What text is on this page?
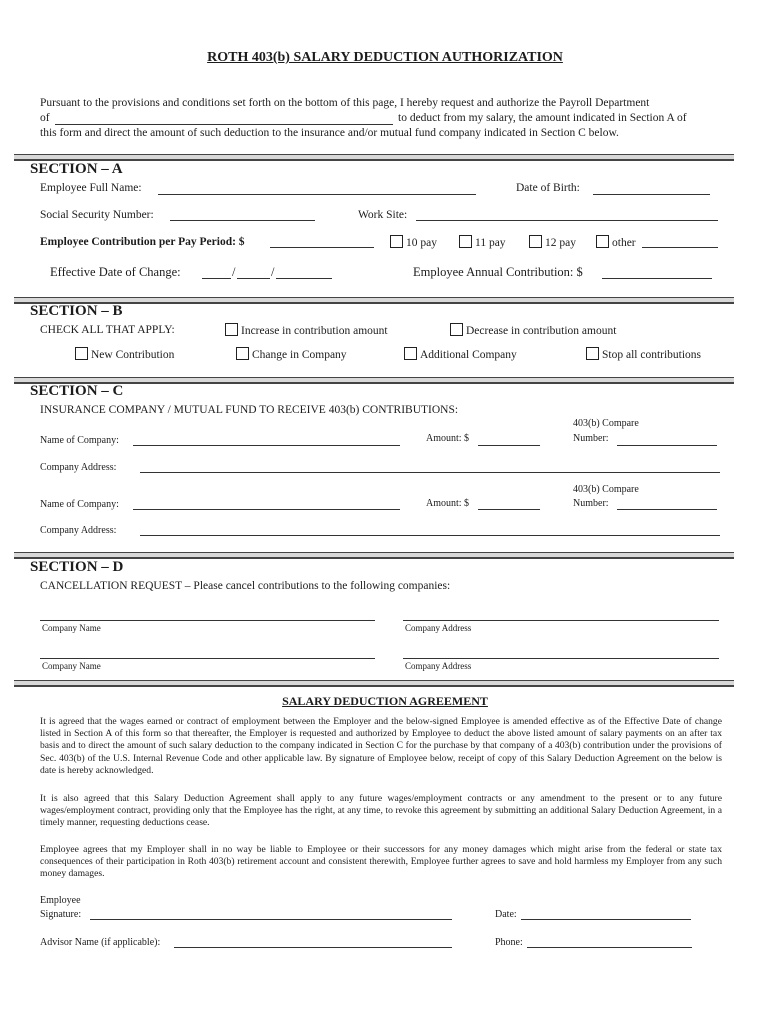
ROTH 403(b) SALARY DEDUCTION AUTHORIZATION
Pursuant to the provisions and conditions set forth on the bottom of this page, I hereby request and authorize the Payroll Department
of	to deduct from my salary, the amount indicated in Section A of
this form and direct the amount of such deduction to the insurance and/or mutual fund company indicated in Section C below.
SECTION – A
Employee Full Name:	Date of Birth:
Social Security Number:	Work Site:
Employee Contribution per Pay Period: $	10 pay	11 pay	12 pay	other
Effective Date of Change:	/	/	Employee Annual Contribution: $
SECTION – B
CHECK ALL THAT APPLY:	Increase in contribution amount	Decrease in contribution amount
New Contribution	Change in Company	Additional Company	Stop all contributions
SECTION – C
INSURANCE COMPANY / MUTUAL FUND TO RECEIVE 403(b) CONTRIBUTIONS:
403(b) Compare
Name of Company:	Amount: $	Number:
Company Address:
403(b) Compare
Name of Company:	Amount: $	Number:
Company Address:
SECTION – D
CANCELLATION REQUEST – Please cancel contributions to the following companies:
Company Name	Company Address
Company Name	Company Address
SALARY DEDUCTION AGREEMENT
It is agreed that the wages earned or contract of employment between the Employer and the below-signed Employee is amended effective as of the Effective Date of change listed in Section A of this form so that thereafter, the Employer is requested and authorized by Employee to deduct the above listed amount of salary payments on an after tax basis and to direct the amount of such salary deduction to the company indicated in Section C for the purchase by that company of a 403(b) contribution under the provisions of Sec. 403(b) of the U.S. Internal Revenue Code and other applicable law. By signature of Employee below, receipt of copy of this Salary Deduction Agreement on the below is date is hereby acknowledged.
It is also agreed that this Salary Deduction Agreement shall apply to any future wages/employment contracts or any amendment to the present or to any future wages/employment contract, providing only that the Employee has the right, at any time, to revoke this agreement by submitting an additional Salary Deduction Agreement, in a timely manner, requesting deductions cease.
Employee agrees that my Employer shall in no way be liable to Employee or their successors for any money damages which might arise from the federal or state tax consequences of their participation in Roth 403(b) retirement account and consistent therewith, Employee further agrees to save and hold harmless my Employer from any such money damages.
Employee
Signature:	Date:
Advisor Name (if applicable):	Phone:
